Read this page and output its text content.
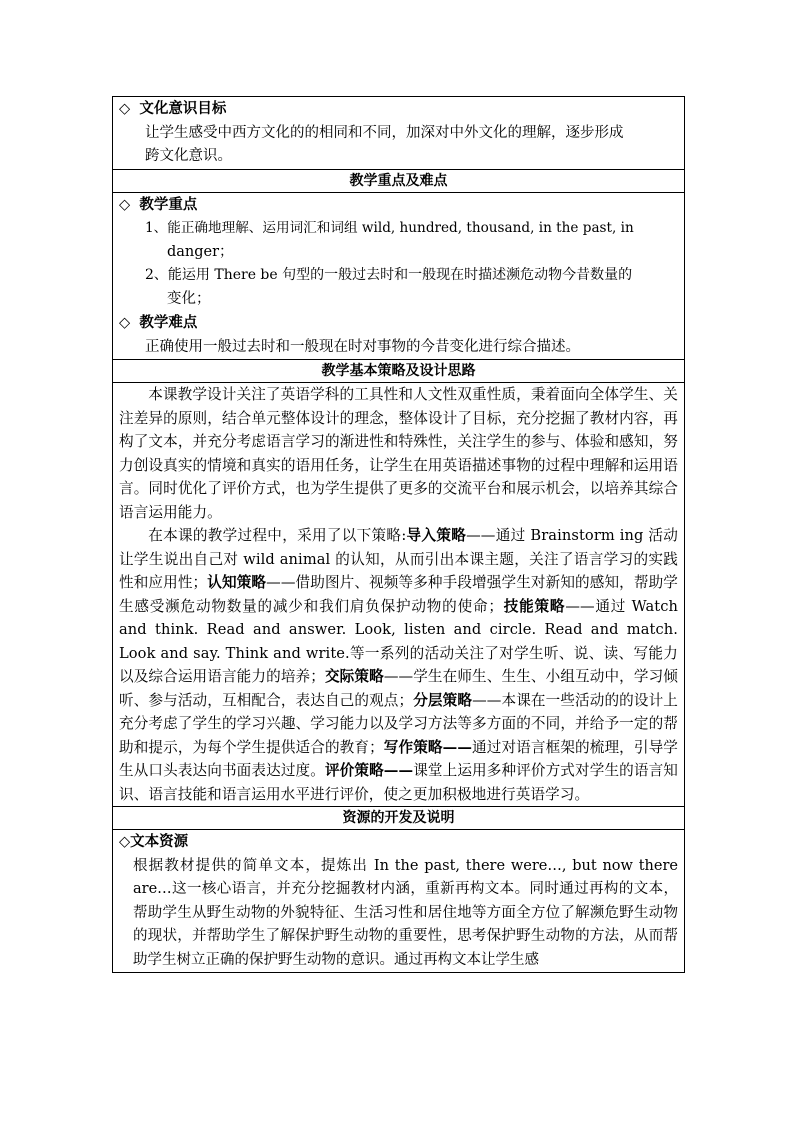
◇ 文化意识目标
让学生感受中西方文化的的相同和不同，加深对中外文化的理解，逐步形成
跨文化意识。

教学重点及难点

◇ 教学重点
1、能正确地理解、运用词汇和词组 wild, hundred, thousand, in the past, in
danger；
2、能运用 There be 句型的一般过去时和一般现在时描述濒危动物今昔数量的
变化；
◇ 教学难点
正确使用一般过去时和一般现在时对事物的今昔变化进行综合描述。

教学基本策略及设计思路

本课教学设计关注了英语学科的工具性和人文性双重性质，秉着面向全体学生、关注差异的原则，结合单元整体设计的理念，整体设计了目标，充分挖掘了教材内容，再构了文本，并充分考虑语言学习的渐进性和特殊性，关注学生的参与、体验和感知，努力创设真实的情境和真实的语用任务，让学生在用英语描述事物的过程中理解和运用语言。同时优化了评价方式，也为学生提供了更多的交流平台和展示机会，以培养其综合语言运用能力。
在本课的教学过程中，采用了以下策略:导入策略——通过 Brainstorm ing 活动让学生说出自己对 wild animal 的认知，从而引出本课主题，关注了语言学习的实践性和应用性；认知策略——借助图片、视频等多种手段增强学生对新知的感知，帮助学生感受濒危动物数量的减少和我们肩负保护动物的使命；技能策略——通过 Watch and think. Read and answer. Look, listen and circle. Read and match. Look and say. Think and write.等一系列的活动关注了对学生听、说、读、写能力以及综合运用语言能力的培养；交际策略——学生在师生、生生、小组互动中，学习倾听、参与活动，互相配合，表达自己的观点；分层策略——本课在一些活动的的设计上充分考虑了学生的学习兴趣、学习能力以及学习方法等多方面的不同，并给予一定的帮助和提示，为每个学生提供适合的教育；写作策略——通过对语言框架的梳理，引导学生从口头表达向书面表达过度。评价策略——课堂上运用多种评价方式对学生的语言知识、语言技能和语言运用水平进行评价，使之更加积极地进行英语学习。

资源的开发及说明

◇文本资源
根据教材提供的简单文本，提炼出 In the past, there were…, but now there are…这一核心语言，并充分挖掘教材内涵，重新再构文本。同时通过再构的文本，帮助学生从野生动物的外貌特征、生活习性和居住地等方面全方位了解濒危野生动物的现状，并帮助学生了解保护野生动物的重要性，思考保护野生动物的方法，从而帮助学生树立正确的保护野生动物的意识。通过再构文本让学生感
